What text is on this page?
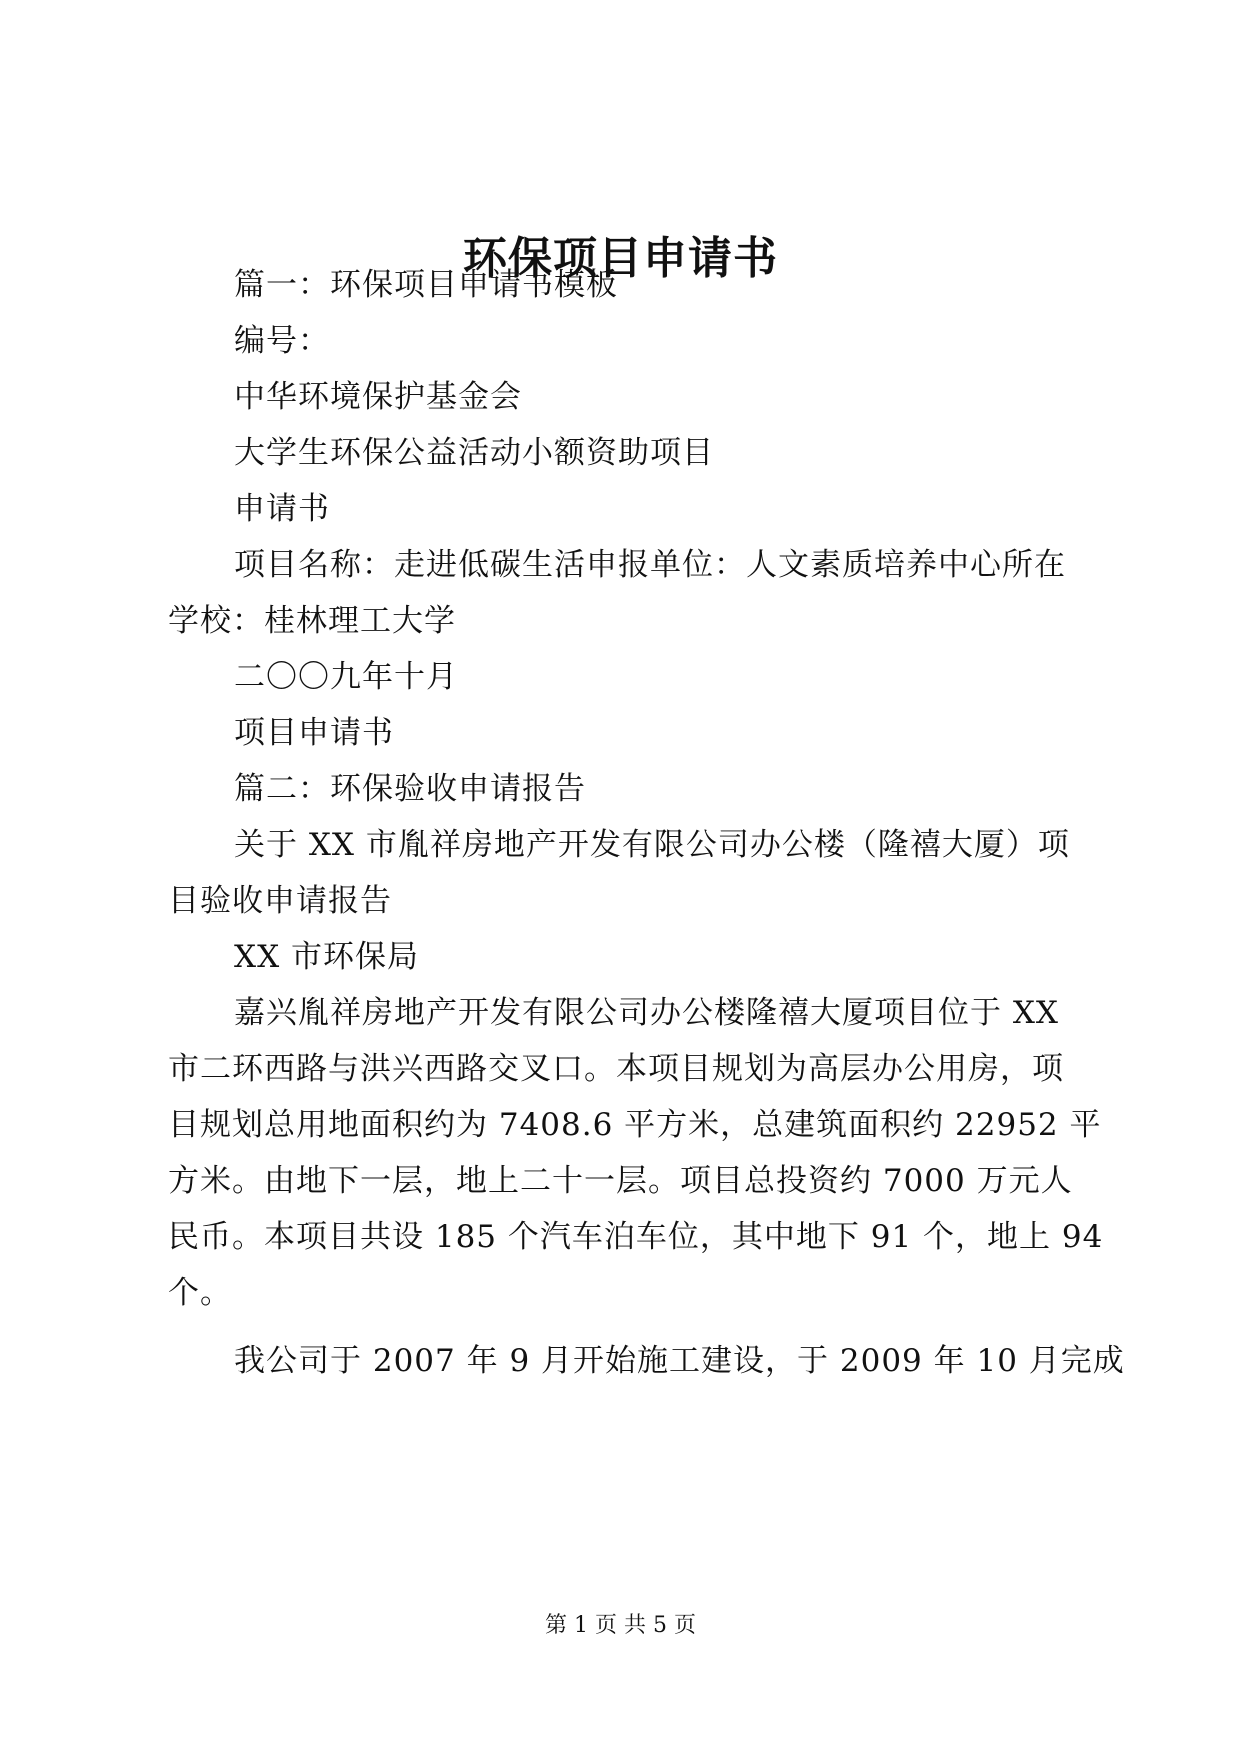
环保项目申请书
篇一：环保项目申请书模板
编号：
中华环境保护基金会
大学生环保公益活动小额资助项目
申请书
项目名称：走进低碳生活申报单位：人文素质培养中心所在
学校：桂林理工大学
二〇〇九年十月
项目申请书
篇二：环保验收申请报告
关于 XX 市胤祥房地产开发有限公司办公楼（隆禧大厦）项
目验收申请报告
XX 市环保局
嘉兴胤祥房地产开发有限公司办公楼隆禧大厦项目位于 XX
市二环西路与洪兴西路交叉口。本项目规划为高层办公用房，项
目规划总用地面积约为 7408.6 平方米，总建筑面积约 22952 平
方米。由地下一层，地上二十一层。项目总投资约 7000 万元人
民币。本项目共设 185 个汽车泊车位，其中地下 91 个，地上 94
个。
我公司于 2007 年 9 月开始施工建设，于 2009 年 10 月完成
第 1 页 共 5 页
